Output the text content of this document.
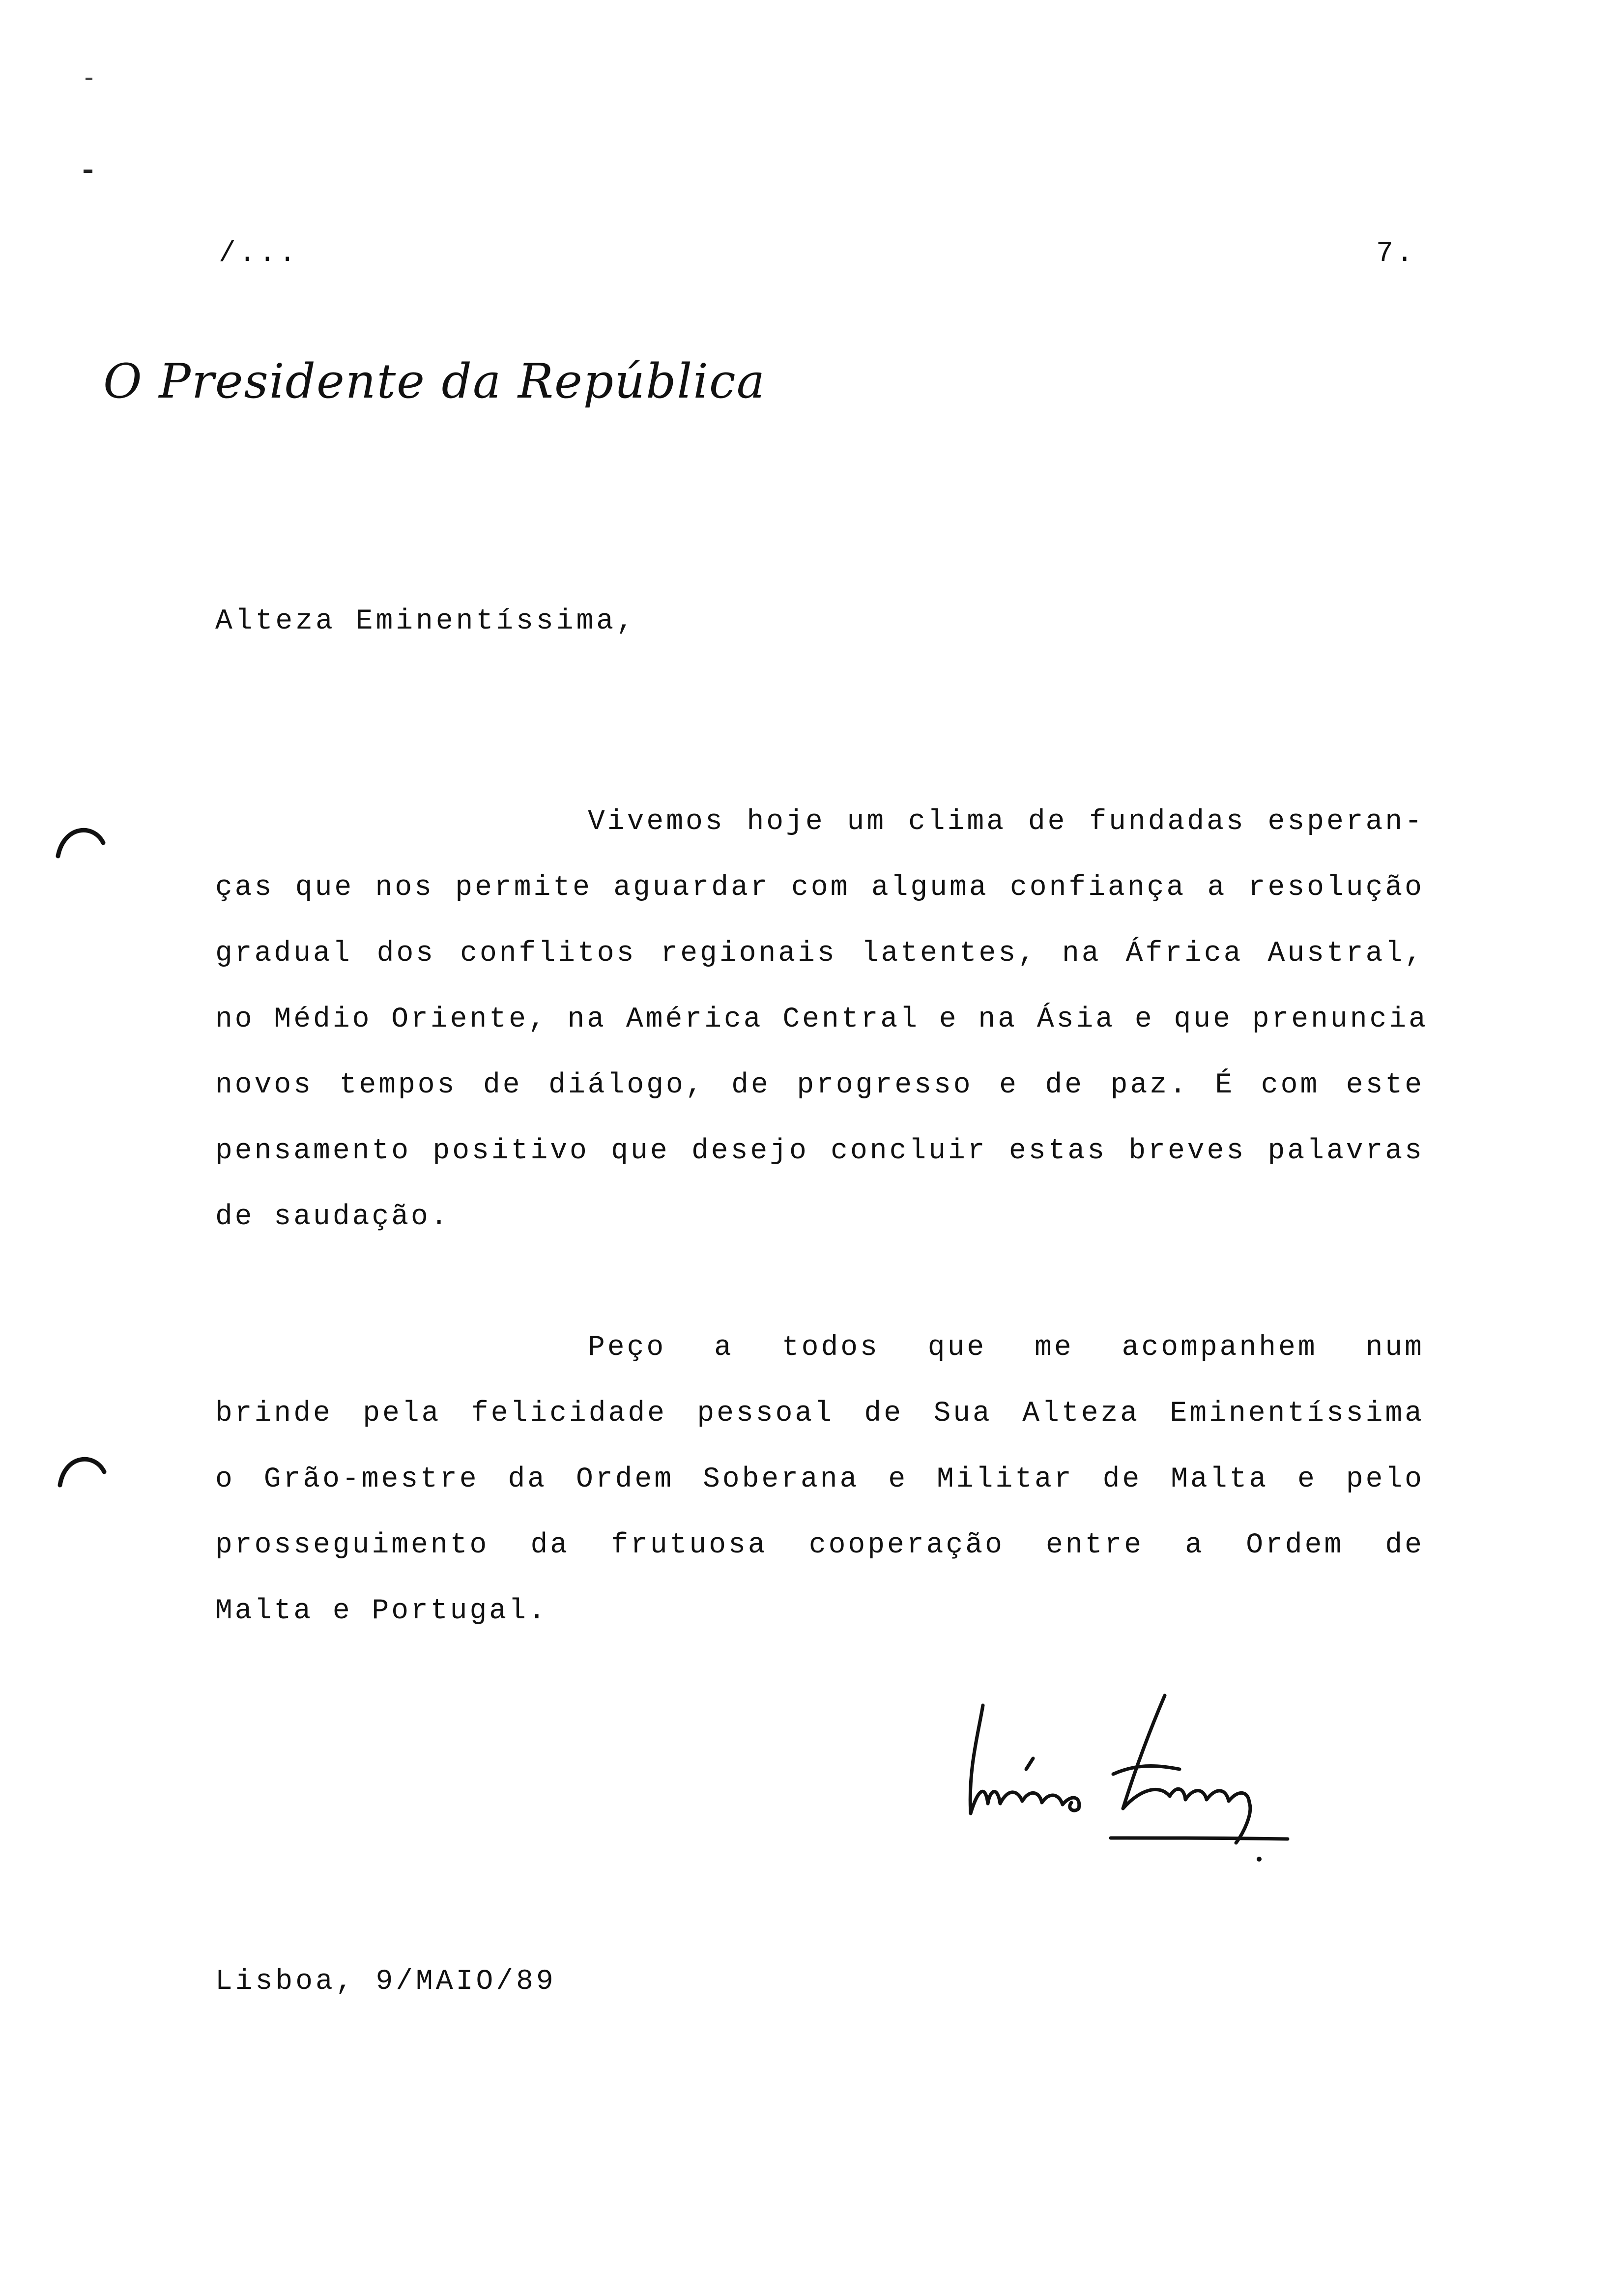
/...	7.

O Presidente da República

Alteza Eminentíssima,

Vivemos hoje um clima de fundadas esperan-
ças que nos permite aguardar com alguma confiança a resolução
gradual dos conflitos regionais latentes, na África Austral,
no Médio Oriente, na América Central e na Ásia e que prenuncia
novos tempos de diálogo, de progresso e de paz. É com este
pensamento positivo que desejo concluir estas breves palavras
de saudação.
Peço a todos que me acompanhem num
brinde pela felicidade pessoal de Sua Alteza Eminentíssima
o Grão-mestre da Ordem Soberana e Militar de Malta e pelo
prosseguimento da frutuosa cooperação entre a Ordem de
Malta e Portugal.

Lisboa, 9/MAIO/89
